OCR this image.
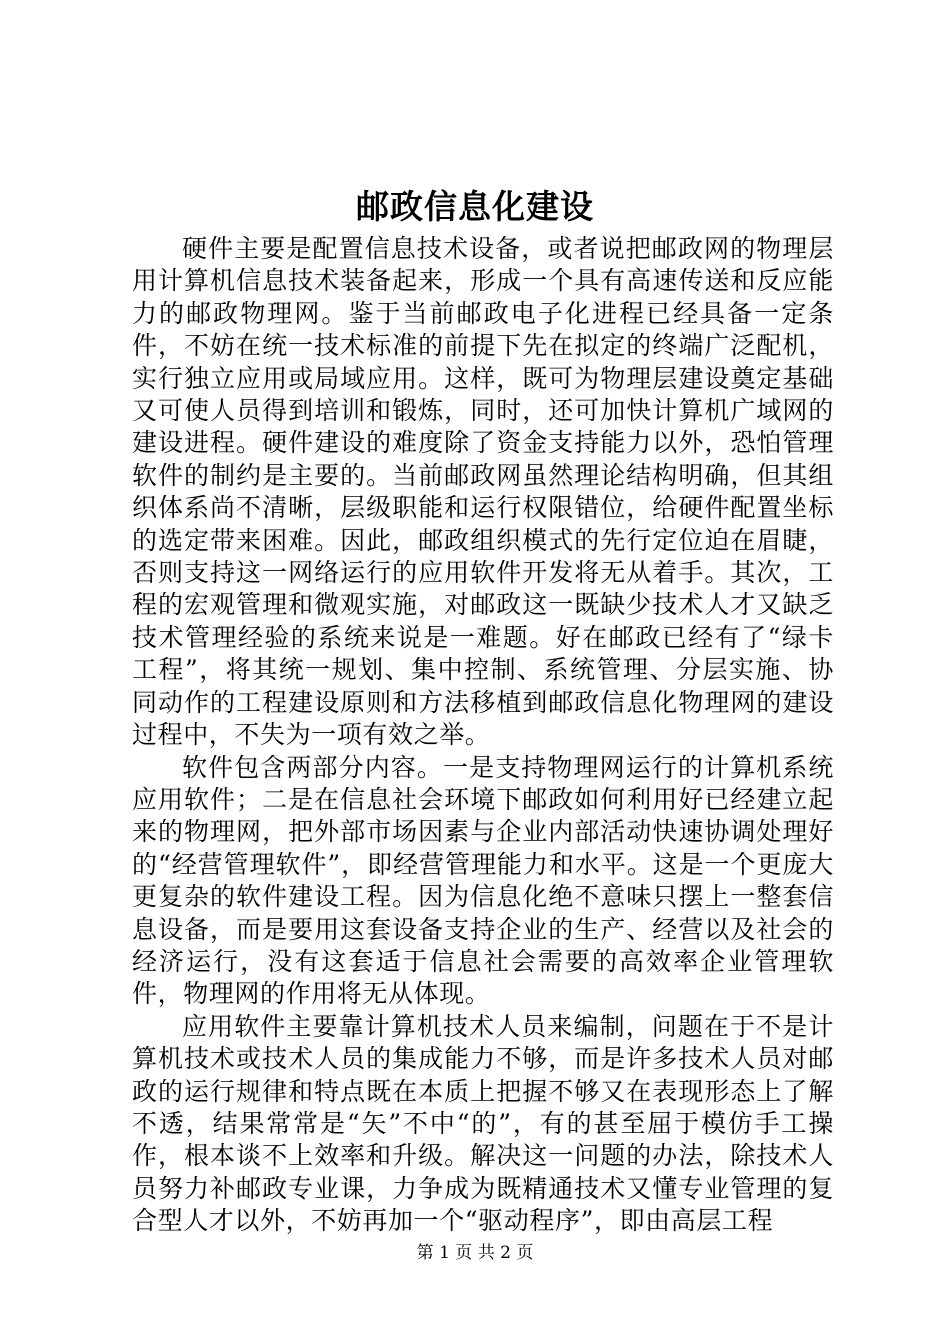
邮政信息化建设

硬件主要是配置信息技术设备，或者说把邮政网的物理层用计算机信息技术装备起来，形成一个具有高速传送和反应能力的邮政物理网。鉴于当前邮政电子化进程已经具备一定条件，不妨在统一技术标准的前提下先在拟定的终端广泛配机，实行独立应用或局域应用。这样，既可为物理层建设奠定基础又可使人员得到培训和锻炼，同时，还可加快计算机广域网的建设进程。硬件建设的难度除了资金支持能力以外，恐怕管理软件的制约是主要的。当前邮政网虽然理论结构明确，但其组织体系尚不清晰，层级职能和运行权限错位，给硬件配置坐标的选定带来困难。因此，邮政组织模式的先行定位迫在眉睫，否则支持这一网络运行的应用软件开发将无从着手。其次，工程的宏观管理和微观实施，对邮政这一既缺少技术人才又缺乏技术管理经验的系统来说是一难题。好在邮政已经有了“绿卡工程”，将其统一规划、集中控制、系统管理、分层实施、协同动作的工程建设原则和方法移植到邮政信息化物理网的建设过程中，不失为一项有效之举。

软件包含两部分内容。一是支持物理网运行的计算机系统应用软件；二是在信息社会环境下邮政如何利用好已经建立起来的物理网，把外部市场因素与企业内部活动快速协调处理好的“经营管理软件”，即经营管理能力和水平。这是一个更庞大更复杂的软件建设工程。因为信息化绝不意味只摆上一整套信息设备，而是要用这套设备支持企业的生产、经营以及社会的经济运行，没有这套适于信息社会需要的高效率企业管理软件，物理网的作用将无从体现。

应用软件主要靠计算机技术人员来编制，问题在于不是计算机技术或技术人员的集成能力不够，而是许多技术人员对邮政的运行规律和特点既在本质上把握不够又在表现形态上了解不透，结果常常是“矢”不中“的”，有的甚至屈于模仿手工操作，根本谈不上效率和升级。解决这一问题的办法，除技术人员努力补邮政专业课，力争成为既精通技术又懂专业管理的复合型人才以外，不妨再加一个“驱动程序”，即由高层工程

第 1 页 共 2 页
